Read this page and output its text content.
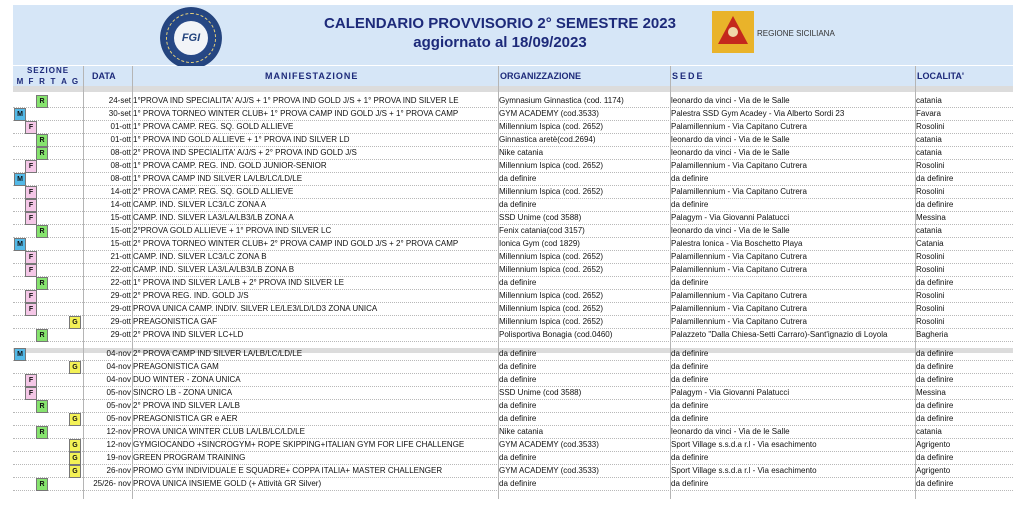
FGI
CALENDARIO PROVVISORIO 2° SEMESTRE 2023
aggiornato al 18/09/2023
REGIONE SICILIANA
SEZIONE
M F R T A G
DATA	MANIFESTAZIONE	ORGANIZZAZIONE	SEDE	LOCALITA'
R	24-set 1°PROVA IND SPECIALITA' A/J/S + 1° PROVA IND GOLD J/S + 1° PROVA IND SILVER LE	Gymnasium Ginnastica (cod. 1174)	leonardo da vinci - Via de le Salle	catania
M	30-set 1° PROVA TORNEO WINTER CLUB+ 1° PROVA CAMP IND GOLD J/S + 1° PROVA CAMP	GYM ACADEMY (cod.3533)	Palestra SSD Gym Acadey - Via Alberto Sordi 23	Favara
F	01-ott 1° PROVA CAMP. REG. SQ. GOLD ALLIEVE	Millennium Ispica (cod. 2652)	Palamillennium - Via Capitano Cutrera	Rosolini
R	01-ott 1° PROVA IND GOLD ALLIEVE + 1° PROVA IND SILVER LD	Ginnastica aretè(cod.2694)	leonardo da vinci - Via de le Salle	catania
R	08-ott 2° PROVA IND SPECIALITA' A/J/S + 2° PROVA IND GOLD J/S	Nike catania	leonardo da vinci - Via de le Salle	catania
F	08-ott 1° PROVA CAMP. REG. IND. GOLD JUNIOR-SENIOR	Millennium Ispica (cod. 2652)	Palamillennium - Via Capitano Cutrera	Rosolini
M	08-ott 1° PROVA CAMP IND SILVER LA/LB/LC/LD/LE	da definire	da definire	da definire
F	14-ott 2° PROVA CAMP. REG. SQ. GOLD ALLIEVE	Millennium Ispica (cod. 2652)	Palamillennium - Via Capitano Cutrera	Rosolini
F	14-ott CAMP. IND. SILVER LC3/LC ZONA A	da definire	da definire	da definire
F	15-ott CAMP. IND. SILVER LA3/LA/LB3/LB ZONA A	SSD Unime (cod 3588)	Palagym - Via Giovanni Palatucci	Messina
R	15-ott 2°PROVA GOLD ALLIEVE + 1° PROVA IND SILVER LC	Fenix catania(cod 3157)	leonardo da vinci - Via de le Salle	catania
M	15-ott 2° PROVA TORNEO WINTER CLUB+ 2° PROVA CAMP IND GOLD J/S + 2° PROVA CAMP	Ionica Gym (cod 1829)	Palestra Ionica - Via Boschetto Playa	Catania
F	21-ott CAMP. IND. SILVER LC3/LC ZONA B	Millennium Ispica (cod. 2652)	Palamillennium - Via Capitano Cutrera	Rosolini
F	22-ott CAMP. IND. SILVER LA3/LA/LB3/LB ZONA B	Millennium Ispica (cod. 2652)	Palamillennium - Via Capitano Cutrera	Rosolini
R	22-ott 1° PROVA IND SILVER LA/LB + 2° PROVA IND SILVER LE	da definire	da definire	da definire
F	29-ott 2° PROVA REG. IND. GOLD J/S	Millennium Ispica (cod. 2652)	Palamillennium - Via Capitano Cutrera	Rosolini
F	29-ott PROVA UNICA CAMP. INDIV. SILVER LE/LE3/LD/LD3 ZONA UNICA	Millennium Ispica (cod. 2652)	Palamillennium - Via Capitano Cutrera	Rosolini
G	29-ott PREAGONISTICA GAF	Millennium Ispica (cod. 2652)	Palamillennium - Via Capitano Cutrera	Rosolini
R	29-ott 2° PROVA IND SILVER LC+LD	Polisportiva Bonagia (cod.0460)	Palazzeto "Dalla Chiesa-Setti Carraro)-Sant'ignazio di Loyola	Bagheria
M	04-nov 2° PROVA CAMP IND SILVER LA/LB/LC/LD/LE	da definire	da definire	da definire
G	04-nov PREAGONISTICA GAM	da definire	da definire	da definire
F	04-nov DUO WINTER - ZONA UNICA	da definire	da definire	da definire
F	05-nov SINCRO LB - ZONA UNICA	SSD Unime (cod 3588)	Palagym - Via Giovanni Palatucci	Messina
R	05-nov 2° PROVA IND SILVER LA/LB	da definire	da definire	da definire
G	05-nov PREAGONISTICA GR e AER	da definire	da definire	da definire
R	12-nov PROVA UNICA WINTER CLUB LA/LB/LC/LD/LE	Nike catania	leonardo da vinci - Via de le Salle	catania
G	12-nov GYMGIOCANDO +SINCROGYM+ ROPE SKIPPING+ITALIAN GYM FOR LIFE CHALLENGE	GYM ACADEMY (cod.3533)	Sport Village s.s.d.a r.l - Via esachimento	Agrigento
G	19-nov GREEN PROGRAM TRAINING	da definire	da definire	da definire
G	26-nov PROMO GYM INDIVIDUALE E SQUADRE+ COPPA ITALIA+ MASTER CHALLENGER	GYM ACADEMY (cod.3533)	Sport Village s.s.d.a r.l - Via esachimento	Agrigento
R	25/26- nov PROVA UNICA INSIEME GOLD (+ Attività GR Silver)	da definire	da definire	da definire
